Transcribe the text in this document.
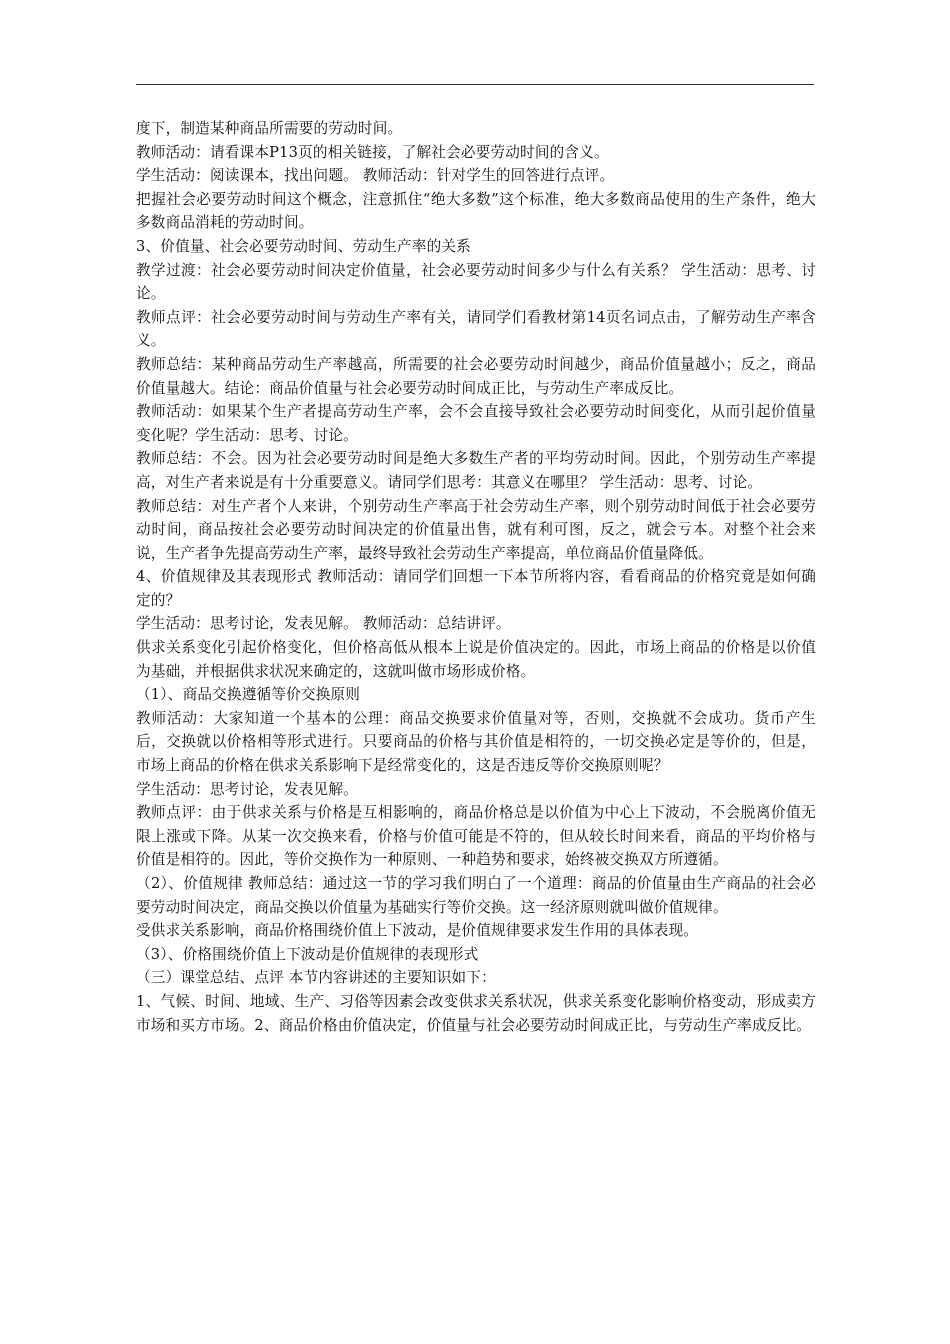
度下，制造某种商品所需要的劳动时间。

教师活动：请看课本P13页的相关链接，了解社会必要劳动时间的含义。

学生活动：阅读课本，找出问题。 教师活动：针对学生的回答进行点评。

把握社会必要劳动时间这个概念，注意抓住“绝大多数”这个标准，绝大多数商品使用的生产条件，绝大多数商品消耗的劳动时间。

3、价值量、社会必要劳动时间、劳动生产率的关系

教学过渡：社会必要劳动时间决定价值量，社会必要劳动时间多少与什么有关系？ 学生活动：思考、讨论。

教师点评：社会必要劳动时间与劳动生产率有关，请同学们看教材第14页名词点击，了解劳动生产率含义。

教师总结：某种商品劳动生产率越高，所需要的社会必要劳动时间越少，商品价值量越小；反之，商品价值量越大。结论：商品价值量与社会必要劳动时间成正比，与劳动生产率成反比。

教师活动：如果某个生产者提高劳动生产率，会不会直接导致社会必要劳动时间变化，从而引起价值量变化呢？学生活动：思考、讨论。

教师总结：不会。因为社会必要劳动时间是绝大多数生产者的平均劳动时间。因此，个别劳动生产率提高，对生产者来说是有十分重要意义。请同学们思考：其意义在哪里？ 学生活动：思考、讨论。

教师总结：对生产者个人来讲，个别劳动生产率高于社会劳动生产率，则个别劳动时间低于社会必要劳动时间，商品按社会必要劳动时间决定的价值量出售，就有利可图，反之，就会亏本。对整个社会来说，生产者争先提高劳动生产率，最终导致社会劳动生产率提高，单位商品价值量降低。

4、价值规律及其表现形式 教师活动：请同学们回想一下本节所将内容，看看商品的价格究竟是如何确定的？

学生活动：思考讨论，发表见解。 教师活动：总结讲评。

供求关系变化引起价格变化，但价格高低从根本上说是价值决定的。因此，市场上商品的价格是以价值为基础，并根据供求状况来确定的，这就叫做市场形成价格。

（1）、商品交换遵循等价交换原则

教师活动：大家知道一个基本的公理：商品交换要求价值量对等，否则，交换就不会成功。货币产生后，交换就以价格相等形式进行。只要商品的价格与其价值是相符的，一切交换必定是等价的，但是，市场上商品的价格在供求关系影响下是经常变化的，这是否违反等价交换原则呢？

学生活动：思考讨论，发表见解。

教师点评：由于供求关系与价格是互相影响的，商品价格总是以价值为中心上下波动，不会脱离价值无限上涨或下降。从某一次交换来看，价格与价值可能是不符的，但从较长时间来看，商品的平均价格与价值是相符的。因此，等价交换作为一种原则、一种趋势和要求，始终被交换双方所遵循。

（2）、价值规律 教师总结：通过这一节的学习我们明白了一个道理：商品的价值量由生产商品的社会必要劳动时间决定，商品交换以价值量为基础实行等价交换。这一经济原则就叫做价值规律。

受供求关系影响，商品价格围绕价值上下波动，是价值规律要求发生作用的具体表现。

（3）、价格围绕价值上下波动是价值规律的表现形式

（三）课堂总结、点评 本节内容讲述的主要知识如下：

1、气候、时间、地域、生产、习俗等因素会改变供求关系状况，供求关系变化影响价格变动，形成卖方市场和买方市场。2、商品价格由价值决定，价值量与社会必要劳动时间成正比，与劳动生产率成反比。
